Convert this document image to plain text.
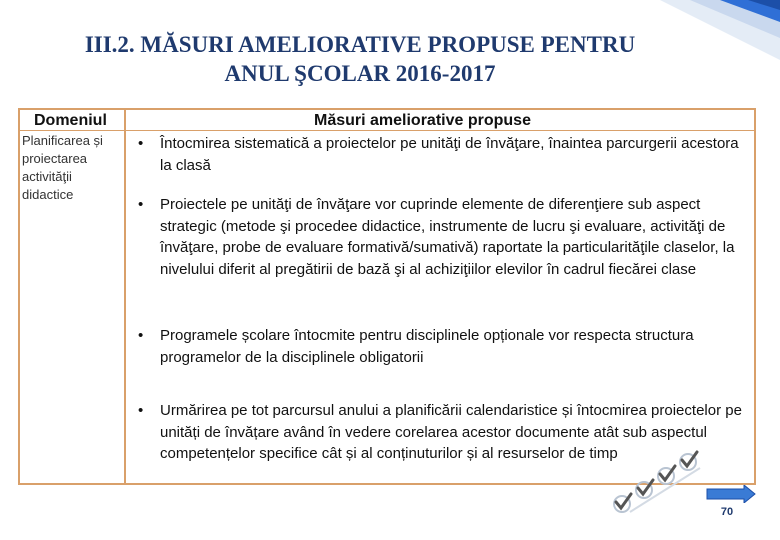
III.2. MĂSURI AMELIORATIVE PROPUSE PENTRU
ANUL ŞCOLAR 2016-2017
Domeniul	Măsuri ameliorative propuse
Planificarea și proiectarea activităţii didactice
• Întocmirea sistematică a proiectelor pe unităţi de învăţare, înaintea parcurgerii acestora la clasă
• Proiectele pe unităţi de învăţare vor cuprinde elemente de diferenţiere sub aspect strategic (metode şi procedee didactice, instrumente de lucru şi evaluare, activităţi de învăţare, probe de evaluare formativă/sumativă) raportate la particularităţile claselor, la nivelului diferit al pregătirii de bază şi al achiziţiilor elevilor în cadrul fiecărei clase
• Programele școlare întocmite pentru disciplinele opționale vor respecta structura programelor de la disciplinele obligatorii
• Urmărirea pe tot parcursul anului a planificării calendaristice și întocmirea proiectelor pe unități de învățare având în vedere corelarea acestor documente atât sub aspectul competențelor specifice cât și al conținuturilor și al resurselor de timp
70
